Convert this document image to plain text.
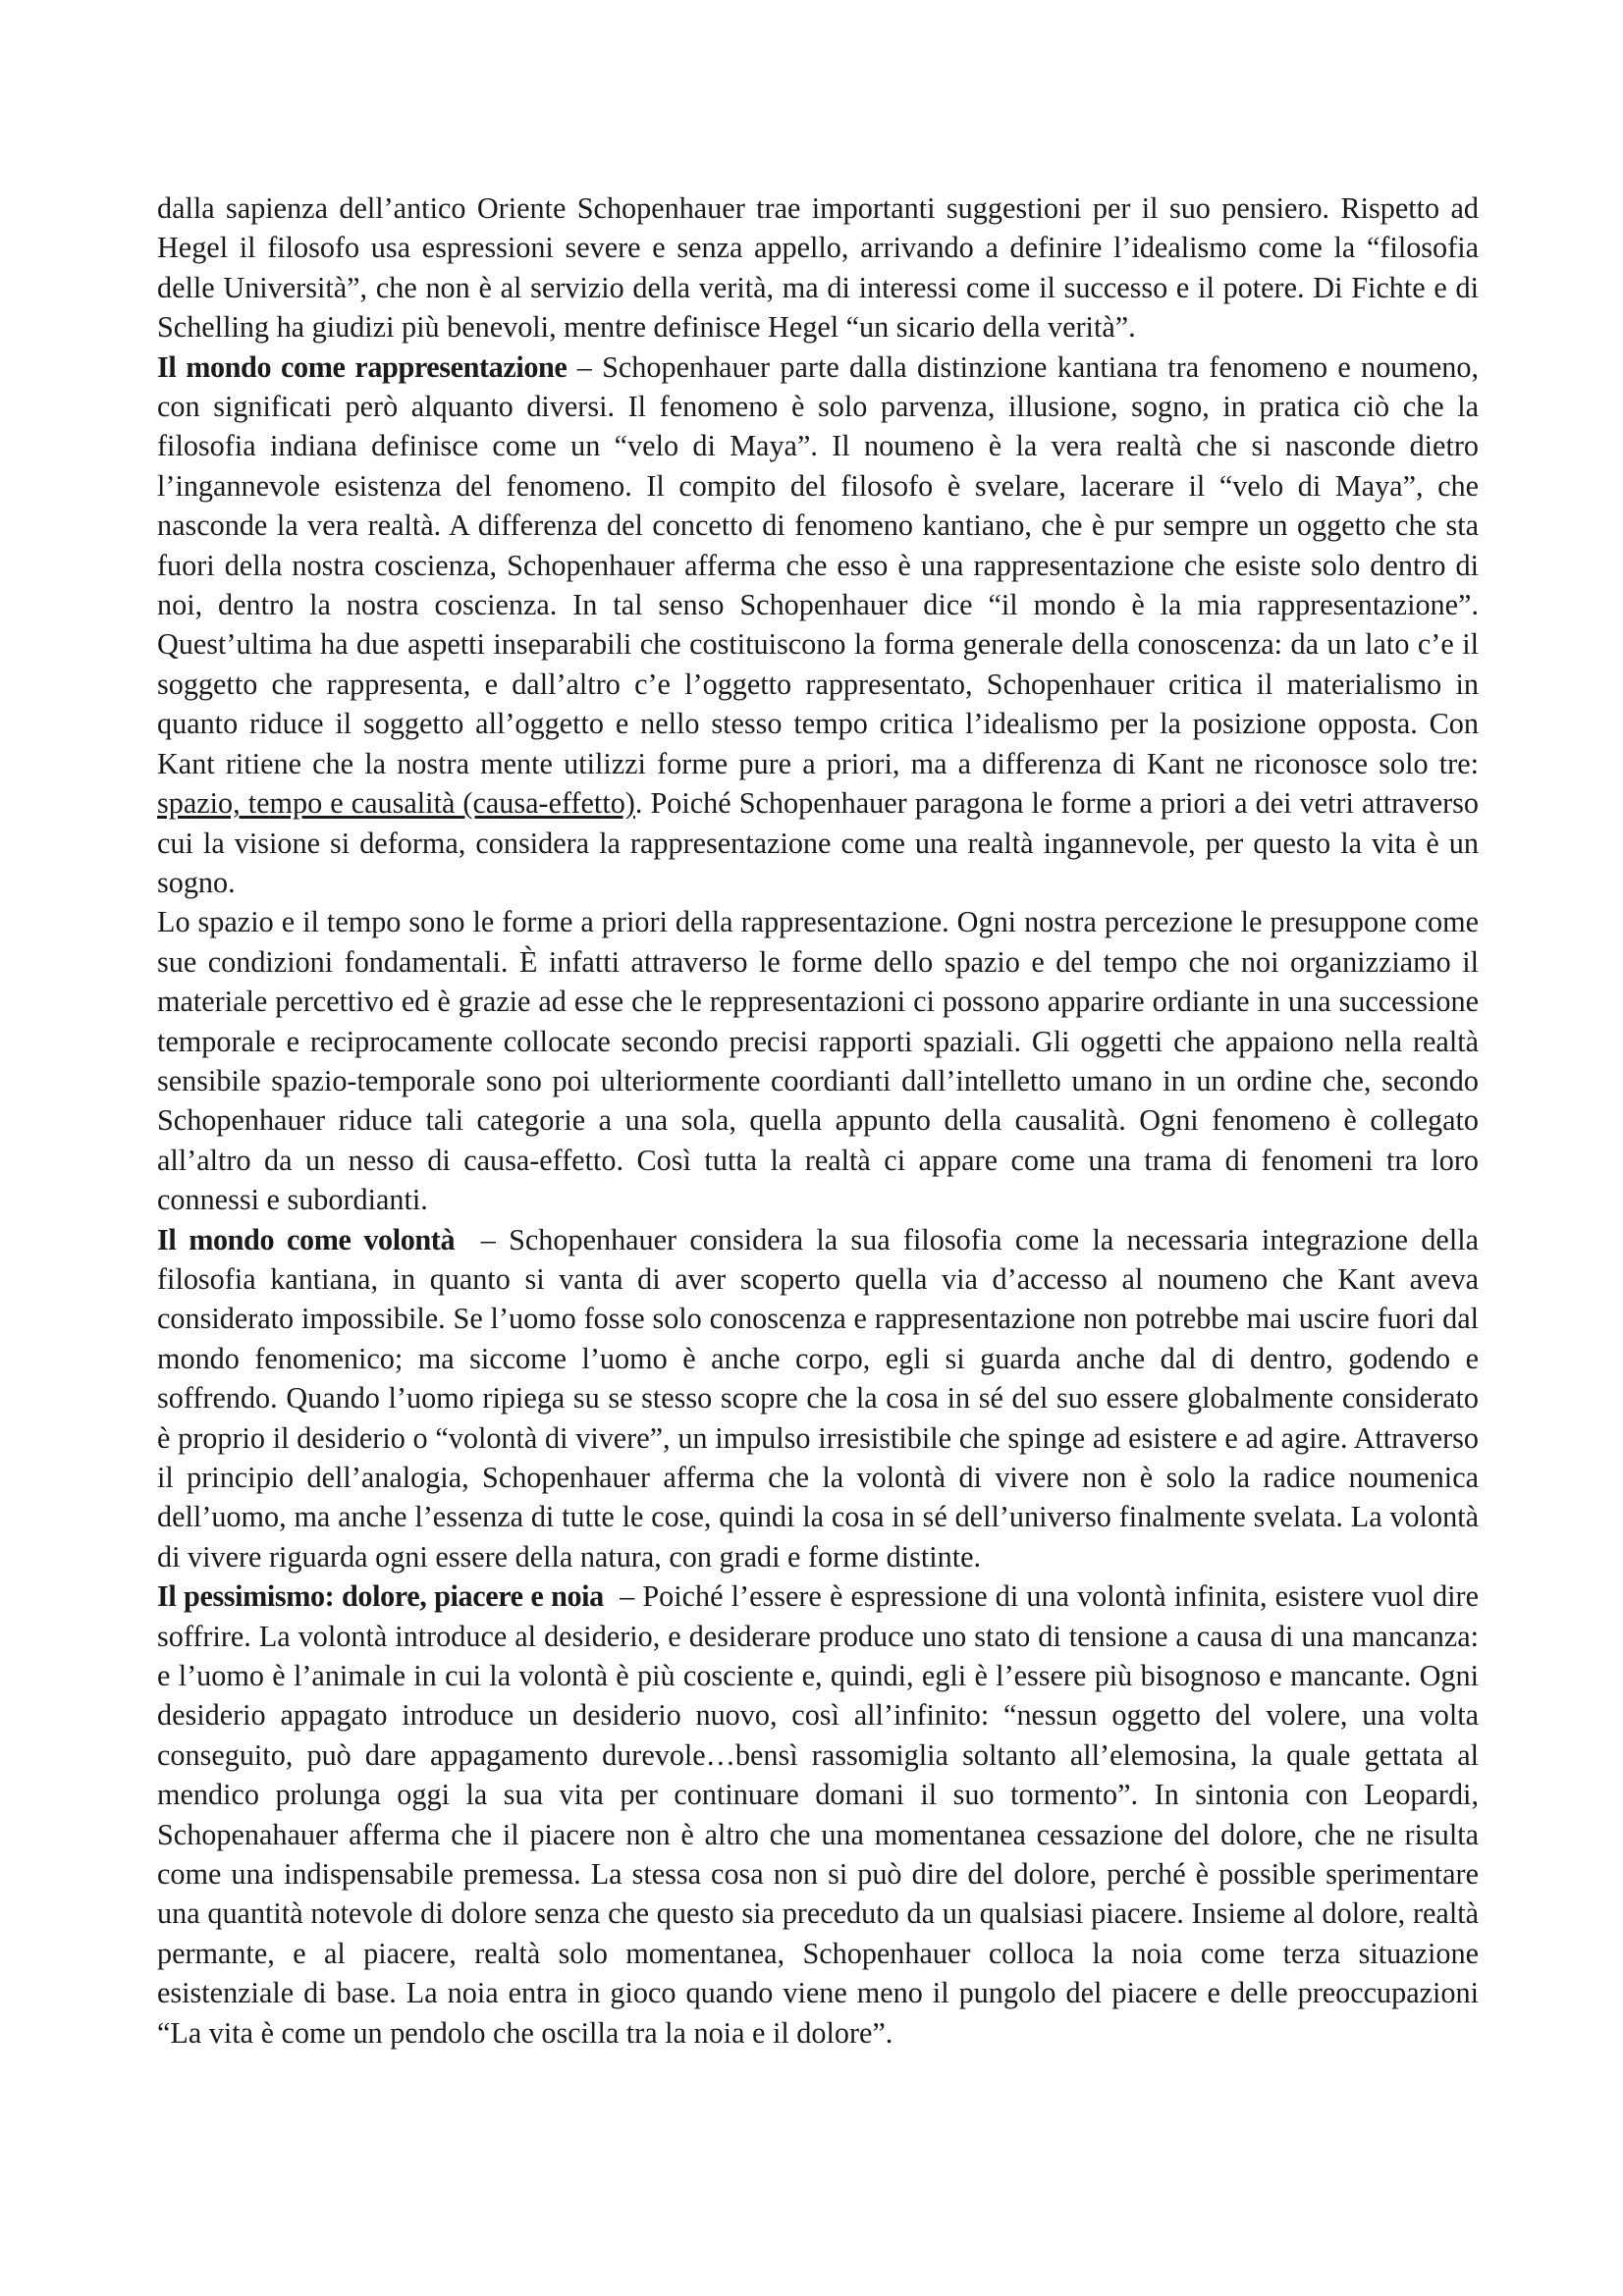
dalla sapienza dell’antico Oriente Schopenhauer trae importanti suggestioni per il suo pensiero. Rispetto ad Hegel il filosofo usa espressioni severe e senza appello, arrivando a definire l’idealismo come la “filosofia delle Università”, che non è al servizio della verità, ma di interessi come il successo e il potere. Di Fichte e di Schelling ha giudizi più benevoli, mentre definisce Hegel “un sicario della verità”.

Il mondo come rappresentazione – Schopenhauer parte dalla distinzione kantiana tra fenomeno e noumeno, con significati però alquanto diversi. Il fenomeno è solo parvenza, illusione, sogno, in pratica ciò che la filosofia indiana definisce come un “velo di Maya”. Il noumeno è la vera realtà che si nasconde dietro l’ingannevole esistenza del fenomeno. Il compito del filosofo è svelare, lacerare il “velo di Maya”, che nasconde la vera realtà. A differenza del concetto di fenomeno kantiano, che è pur sempre un oggetto che sta fuori della nostra coscienza, Schopenhauer afferma che esso è una rappresentazione che esiste solo dentro di noi, dentro la nostra coscienza. In tal senso Schopenhauer dice “il mondo è la mia rappresentazione”. Quest’ultima ha due aspetti inseparabili che costituiscono la forma generale della conoscenza: da un lato c’e il soggetto che rappresenta, e dall’altro c’e l’oggetto rappresentato, Schopenhauer critica il materialismo in quanto riduce il soggetto all’oggetto e nello stesso tempo critica l’idealismo per la posizione opposta. Con Kant ritiene che la nostra mente utilizzi forme pure a priori, ma a differenza di Kant ne riconosce solo tre: spazio, tempo e causalità (causa-effetto). Poiché Schopenhauer paragona le forme a priori a dei vetri attraverso cui la visione si deforma, considera la rappresentazione come una realtà ingannevole, per questo la vita è un sogno.

Lo spazio e il tempo sono le forme a priori della rappresentazione. Ogni nostra percezione le presuppone come sue condizioni fondamentali. È infatti attraverso le forme dello spazio e del tempo che noi organizziamo il materiale percettivo ed è grazie ad esse che le reppresentazioni ci possono apparire ordiante in una successione temporale e reciprocamente collocate secondo precisi rapporti spaziali. Gli oggetti che appaiono nella realtà sensibile spazio-temporale sono poi ulteriormente coordianti dall’intelletto umano in un ordine che, secondo Schopenhauer riduce tali categorie a una sola, quella appunto della causalità. Ogni fenomeno è collegato all’altro da un nesso di causa-effetto. Così tutta la realtà ci appare come una trama di fenomeni tra loro connessi e subordianti.

Il mondo come volontà  – Schopenhauer considera la sua filosofia come la necessaria integrazione della filosofia kantiana, in quanto si vanta di aver scoperto quella via d’accesso al noumeno che Kant aveva considerato impossibile. Se l’uomo fosse solo conoscenza e rappresentazione non potrebbe mai uscire fuori dal mondo fenomenico; ma siccome l’uomo è anche corpo, egli si guarda anche dal di dentro, godendo e soffrendo. Quando l’uomo ripiega su se stesso scopre che la cosa in sé del suo essere globalmente considerato è proprio il desiderio o “volontà di vivere”, un impulso irresistibile che spinge ad esistere e ad agire. Attraverso il principio dell’analogia, Schopenhauer afferma che la volontà di vivere non è solo la radice noumenica dell’uomo, ma anche l’essenza di tutte le cose, quindi la cosa in sé dell’universo finalmente svelata. La volontà di vivere riguarda ogni essere della natura, con gradi e forme distinte.

Il pessimismo: dolore, piacere e noia  – Poiché l’essere è espressione di una volontà infinita, esistere vuol dire soffrire. La volontà introduce al desiderio, e desiderare produce uno stato di tensione a causa di una mancanza: e l’uomo è l’animale in cui la volontà è più cosciente e, quindi, egli è l’essere più bisognoso e mancante. Ogni desiderio appagato introduce un desiderio nuovo, così all’infinito: “nessun oggetto del volere, una volta conseguito, può dare appagamento durevole…bensì rassomiglia soltanto all’elemosina, la quale gettata al mendico prolunga oggi la sua vita per continuare domani il suo tormento”. In sintonia con Leopardi, Schopenahauer afferma che il piacere non è altro che una momentanea cessazione del dolore, che ne risulta come una indispensabile premessa. La stessa cosa non si può dire del dolore, perché è possible sperimentare una quantità notevole di dolore senza che questo sia preceduto da un qualsiasi piacere. Insieme al dolore, realtà permante, e al piacere, realtà solo momentanea, Schopenhauer colloca la noia come terza situazione esistenziale di base. La noia entra in gioco quando viene meno il pungolo del piacere e delle preoccupazioni “La vita è come un pendolo che oscilla tra la noia e il dolore”.
